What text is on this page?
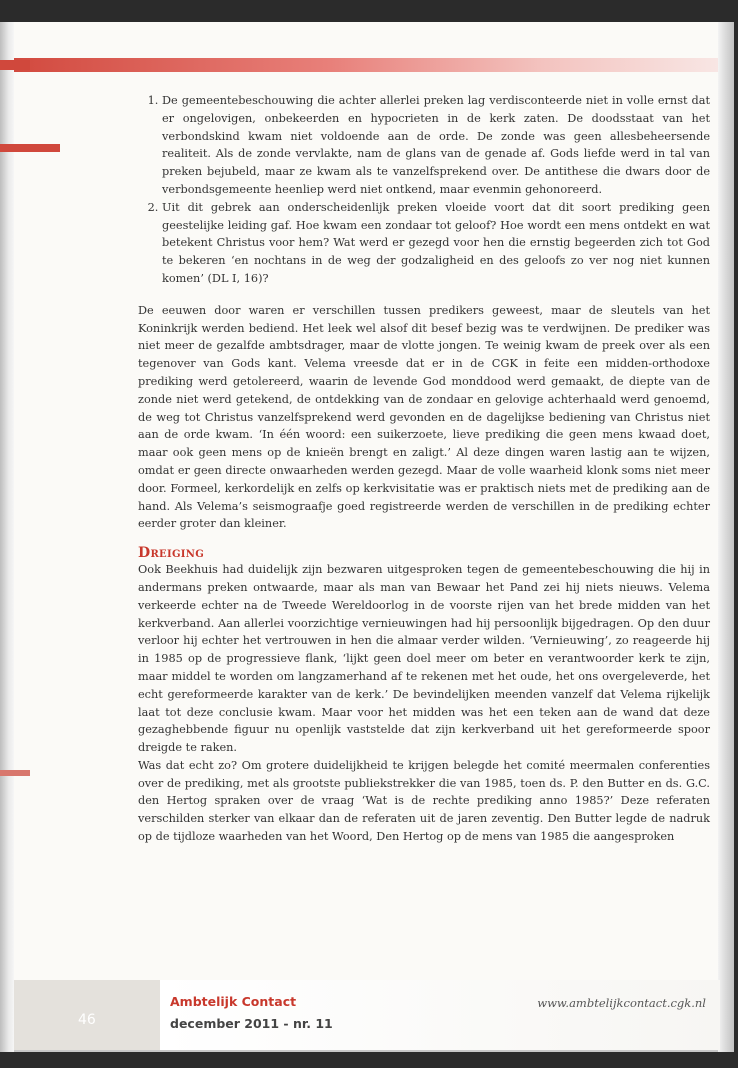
1. De gemeentebeschouwing die achter allerlei preken lag verdisconteerde niet in volle ernst dat er ongelovigen, onbekeerden en hypocrieten in de kerk zaten. De doodsstaat van het verbondskind kwam niet voldoende aan de orde. De zonde was geen allesbeheersende realiteit. Als de zonde vervlakte, nam de glans van de genade af. Gods liefde werd in tal van preken bejubeld, maar ze kwam als te vanzelfsprekend over. De antithese die dwars door de verbondsgemeente heenliep werd niet ontkend, maar evenmin gehonoreerd.
2. Uit dit gebrek aan onderscheidenlijk preken vloeide voort dat dit soort prediking geen geestelijke leiding gaf. Hoe kwam een zondaar tot geloof? Hoe wordt een mens ontdekt en wat betekent Christus voor hem? Wat werd er gezegd voor hen die ernstig begeerden zich tot God te bekeren ‘en nochtans in de weg der godzaligheid en des geloofs zo ver nog niet kunnen komen’ (DL I, 16)?

De eeuwen door waren er verschillen tussen predikers geweest, maar de sleutels van het Koninkrijk werden bediend. Het leek wel alsof dit besef bezig was te verdwijnen. De prediker was niet meer de gezalfde ambtsdrager, maar de vlotte jongen. Te weinig kwam de preek over als een tegenover van Gods kant. Velema vreesde dat er in de CGK in feite een midden-orthodoxe prediking werd getolereerd, waarin de levende God monddood werd gemaakt, de diepte van de zonde niet werd getekend, de ontdekking van de zondaar en gelovige achterhaald werd genoemd, de weg tot Christus vanzelfsprekend werd gevonden en de dagelijkse bediening van Christus niet aan de orde kwam. ‘In één woord: een suikerzoete, lieve prediking die geen mens kwaad doet, maar ook geen mens op de knieën brengt en zaligt.’ Al deze dingen waren lastig aan te wijzen, omdat er geen directe onwaarheden werden gezegd. Maar de volle waarheid klonk soms niet meer door. Formeel, kerkordelijk en zelfs op kerkvisitatie was er praktisch niets met de prediking aan de hand. Als Velema’s seismograafje goed registreerde werden de verschillen in de prediking echter eerder groter dan kleiner.

Dreiging

Ook Beekhuis had duidelijk zijn bezwaren uitgesproken tegen de gemeentebeschouwing die hij in andermans preken ontwaarde, maar als man van Bewaar het Pand zei hij niets nieuws. Velema verkeerde echter na de Tweede Wereldoorlog in de voorste rijen van het brede midden van het kerkverband. Aan allerlei voorzichtige vernieuwingen had hij persoonlijk bijgedragen. Op den duur verloor hij echter het vertrouwen in hen die almaar verder wilden. ‘Vernieuwing’, zo reageerde hij in 1985 op de progressieve flank, ‘lijkt geen doel meer om beter en verantwoorder kerk te zijn, maar middel te worden om langzamerhand af te rekenen met het oude, het ons overgeleverde, het echt gereformeerde karakter van de kerk.’ De bevindelijken meenden vanzelf dat Velema rijkelijk laat tot deze conclusie kwam. Maar voor het midden was het een teken aan de wand dat deze gezaghebbende figuur nu openlijk vaststelde dat zijn kerkverband uit het gereformeerde spoor dreigde te raken.

Was dat echt zo? Om grotere duidelijkheid te krijgen belegde het comité meermalen conferenties over de prediking, met als grootste publiekstrekker die van 1985, toen ds. P. den Butter en ds. G.C. den Hertog spraken over de vraag ‘Wat is de rechte prediking anno 1985?’ Deze referaten verschilden sterker van elkaar dan de referaten uit de jaren zeventig. Den Butter legde de nadruk op de tijdloze waarheden van het Woord, Den Hertog op de mens van 1985 die aangesproken

46
Ambtelijk Contact
december 2011 - nr. 11
www.ambtelijkcontact.cgk.nl
